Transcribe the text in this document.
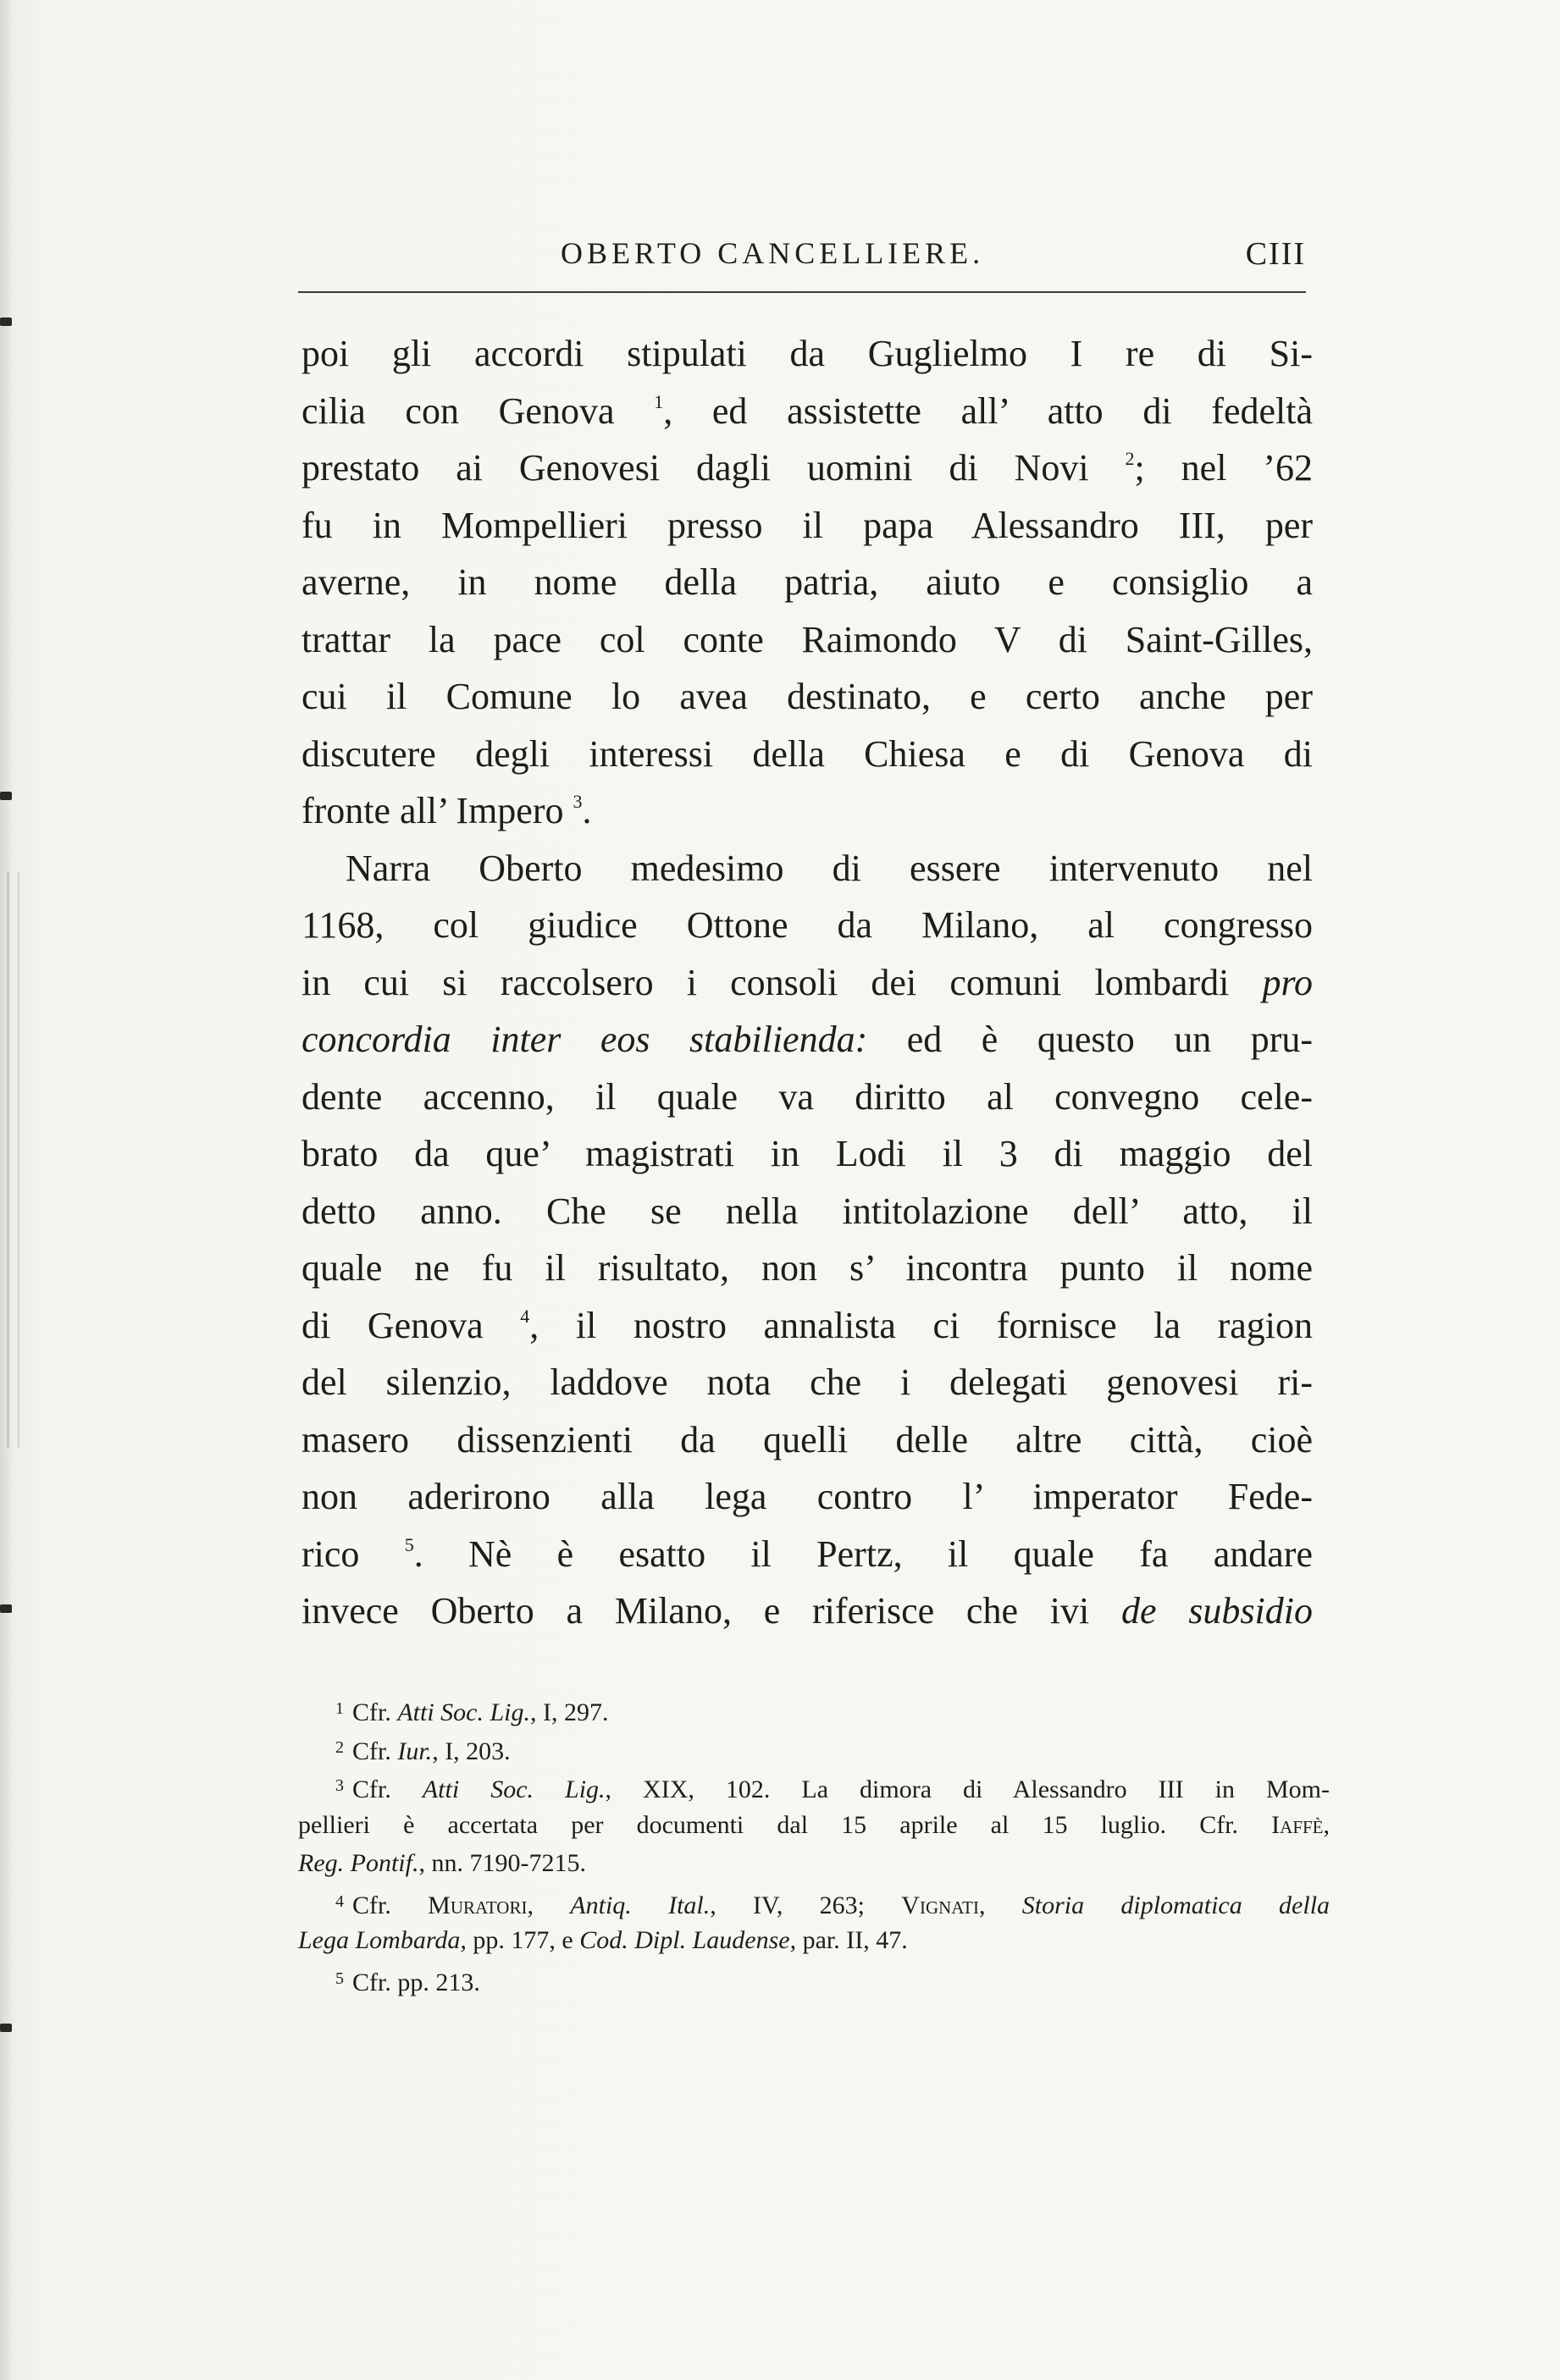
OBERTO CANCELLIERE.	CIII
poi gli accordi stipulati da Guglielmo I re di Si-
cilia con Genova $^1$, ed assistette all’ atto di fedeltà
prestato ai Genovesi dagli uomini di Novi $^2$; nel ’62
fu in Mompellieri presso il papa Alessandro III, per
averne, in nome della patria, aiuto e consiglio a
trattar la pace col conte Raimondo V di Saint-Gilles,
cui il Comune lo avea destinato, e certo anche per
discutere degli interessi della Chiesa e di Genova di
fronte all’ Impero $^3$.
Narra Oberto medesimo di essere intervenuto nel
1168, col giudice Ottone da Milano, al congresso
in cui si raccolsero i consoli dei comuni lombardi pro
concordia inter eos stabilienda: ed è questo un pru-
dente accenno, il quale va diritto al convegno cele-
brato da que’ magistrati in Lodi il 3 di maggio del
detto anno. Che se nella intitolazione dell’ atto, il
quale ne fu il risultato, non s’ incontra punto il nome
di Genova $^4$, il nostro annalista ci fornisce la ragion
del silenzio, laddove nota che i delegati genovesi ri-
masero dissenzienti da quelli delle altre città, cioè
non aderirono alla lega contro l’ imperator Fede-
rico $^5$. Nè è esatto il Pertz, il quale fa andare
invece Oberto a Milano, e riferisce che ivi de subsidio
$^1$ Cfr. Atti Soc. Lig., I, 297.
$^2$ Cfr. Iur., I, 203.
$^3$ Cfr. Atti Soc. Lig., XIX, 102. La dimora di Alessandro III in Mom-
pellieri è accertata per documenti dal 15 aprile al 15 luglio. Cfr. Iaffè,
Reg. Pontif., nn. 7190-7215.
$^4$ Cfr. Muratori, Antiq. Ital., IV, 263; Vignati, Storia diplomatica della
Lega Lombarda, pp. 177, e Cod. Dipl. Laudense, par. II, 47.
$^5$ Cfr. pp. 213.
